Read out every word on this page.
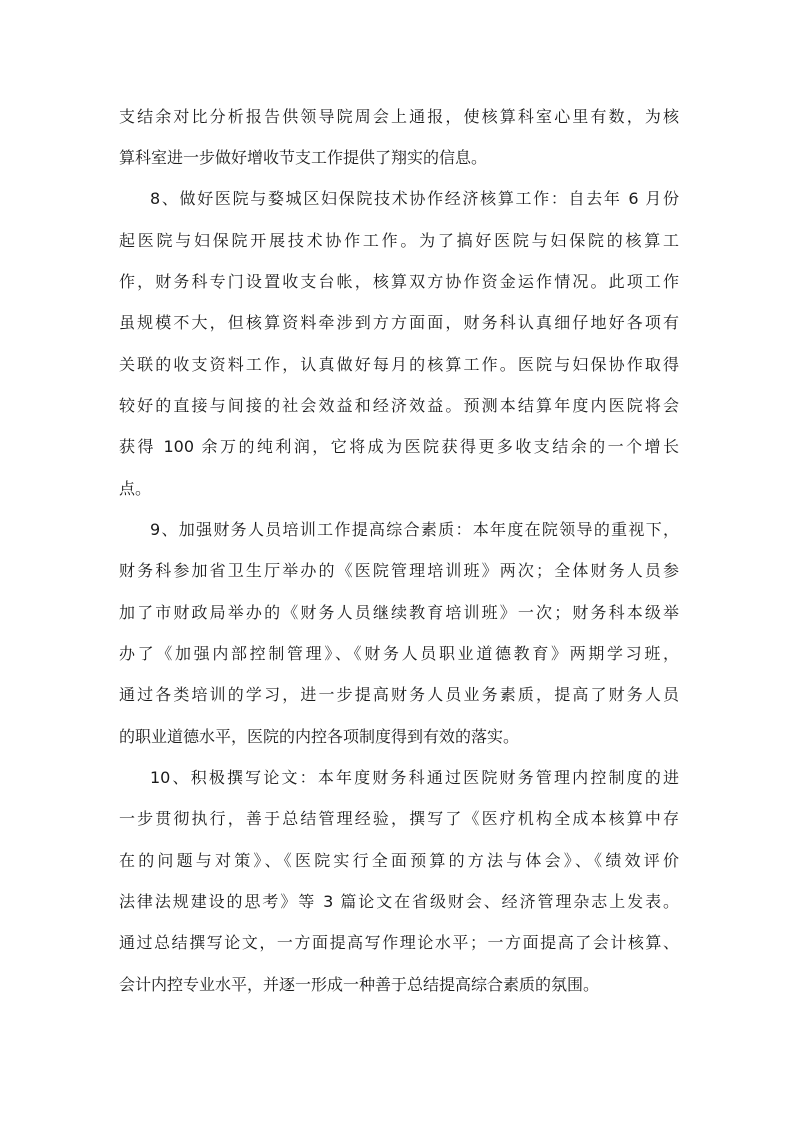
支结余对比分析报告供领导院周会上通报，使核算科室心里有数，为核
算科室进一步做好增收节支工作提供了翔实的信息。
8、做好医院与婺城区妇保院技术协作经济核算工作：自去年 6 月份
起医院与妇保院开展技术协作工作。为了搞好医院与妇保院的核算工
作，财务科专门设置收支台帐，核算双方协作资金运作情况。此项工作
虽规模不大，但核算资料牵涉到方方面面，财务科认真细仔地好各项有
关联的收支资料工作，认真做好每月的核算工作。医院与妇保协作取得
较好的直接与间接的社会效益和经济效益。预测本结算年度内医院将会
获得 100 余万的纯利润，它将成为医院获得更多收支结余的一个增长
点。
9、加强财务人员培训工作提高综合素质：本年度在院领导的重视下，
财务科参加省卫生厅举办的《医院管理培训班》两次；全体财务人员参
加了市财政局举办的《财务人员继续教育培训班》一次；财务科本级举
办了《加强内部控制管理》、《财务人员职业道德教育》两期学习班，
通过各类培训的学习，进一步提高财务人员业务素质，提高了财务人员
的职业道德水平，医院的内控各项制度得到有效的落实。
10、积极撰写论文：本年度财务科通过医院财务管理内控制度的进
一步贯彻执行，善于总结管理经验，撰写了《医疗机构全成本核算中存
在的问题与对策》、《医院实行全面预算的方法与体会》、《绩效评价
法律法规建设的思考》等 3 篇论文在省级财会、经济管理杂志上发表。
通过总结撰写论文，一方面提高写作理论水平；一方面提高了会计核算、
会计内控专业水平，并逐一形成一种善于总结提高综合素质的氛围。
